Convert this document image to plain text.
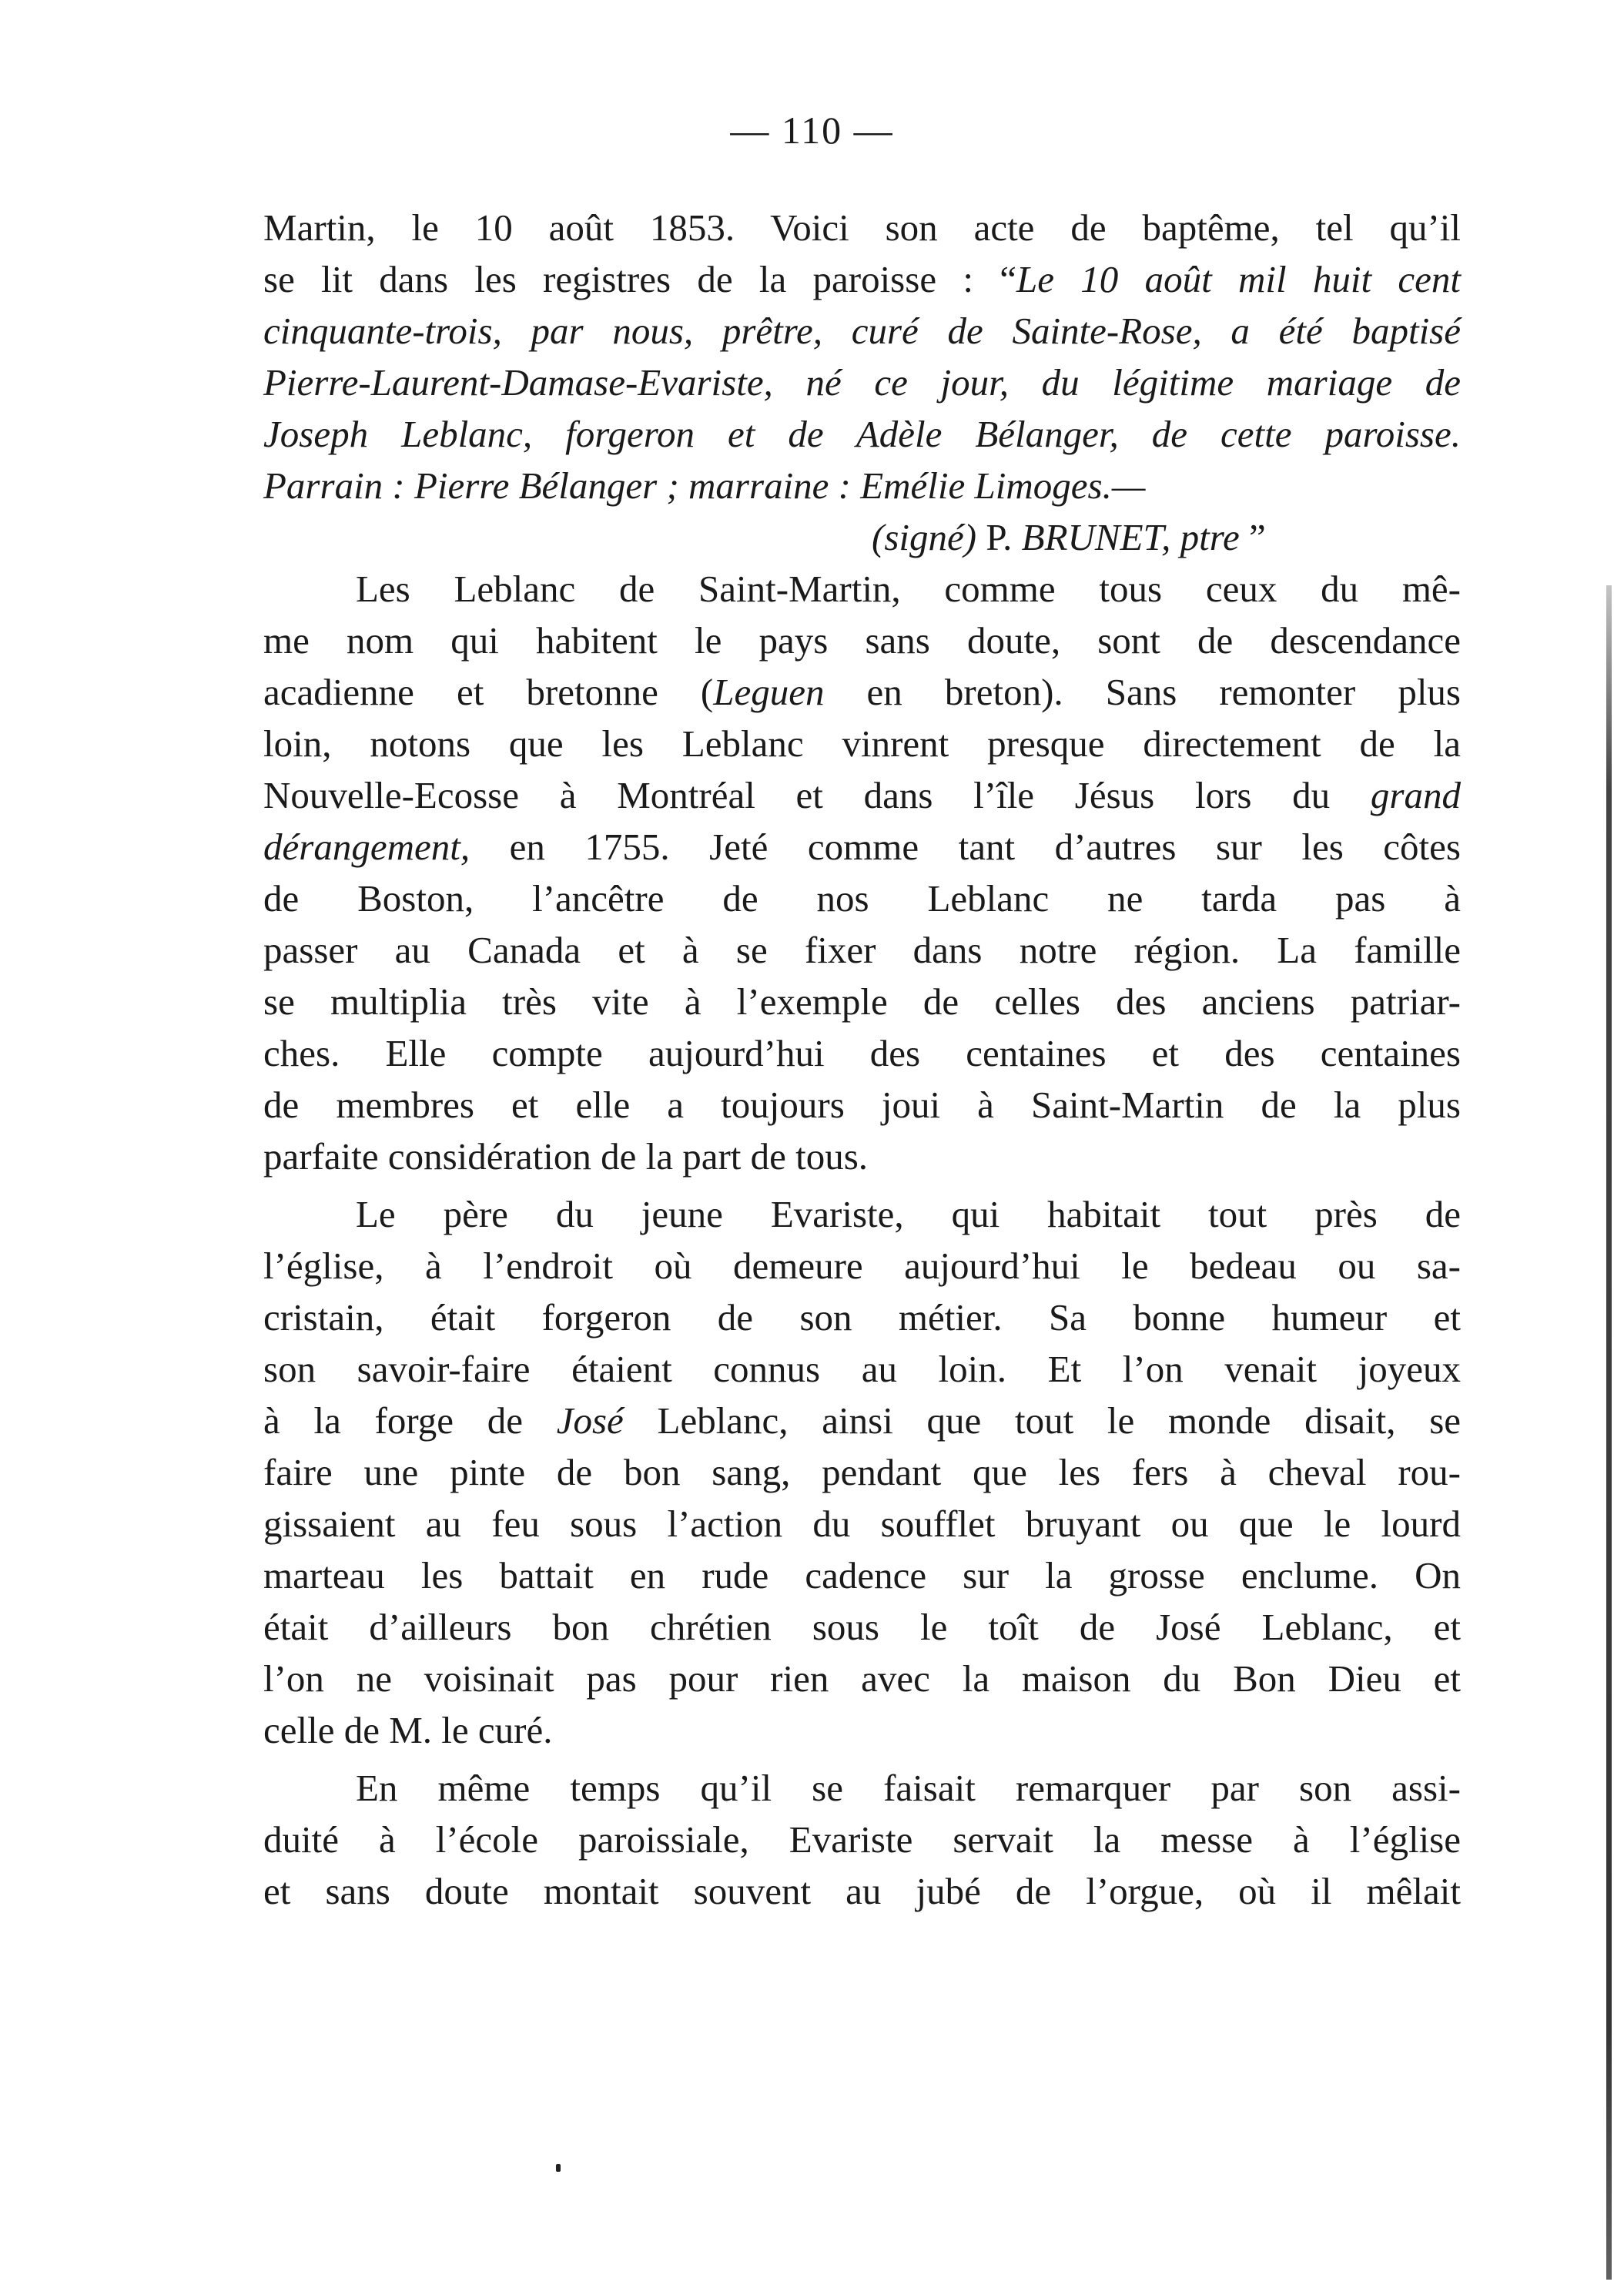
— 110 —
Martin, le 10 août 1853. Voici son acte de baptême, tel qu’il
se lit dans les registres de la paroisse : “Le 10 août mil huit cent
cinquante-trois, par nous, prêtre, curé de Sainte-Rose, a été baptisé
Pierre-Laurent-Damase-Evariste, né ce jour, du légitime mariage de
Joseph Leblanc, forgeron et de Adèle Bélanger, de cette paroisse.
Parrain : Pierre Bélanger ; marraine : Emélie Limoges.—
(signé) P. BRUNET, ptre ”
Les Leblanc de Saint-Martin, comme tous ceux du mê-
me nom qui habitent le pays sans doute, sont de descendance
acadienne et bretonne (Leguen en breton). Sans remonter plus
loin, notons que les Leblanc vinrent presque directement de la
Nouvelle-Ecosse à Montréal et dans l’île Jésus lors du grand
dérangement, en 1755. Jeté comme tant d’autres sur les côtes
de Boston, l’ancêtre de nos Leblanc ne tarda pas à
passer au Canada et à se fixer dans notre région. La famille
se multiplia très vite à l’exemple de celles des anciens patriar-
ches. Elle compte aujourd’hui des centaines et des centaines
de membres et elle a toujours joui à Saint-Martin de la plus
parfaite considération de la part de tous.
Le père du jeune Evariste, qui habitait tout près de
l’église, à l’endroit où demeure aujourd’hui le bedeau ou sa-
cristain, était forgeron de son métier. Sa bonne humeur et
son savoir-faire étaient connus au loin. Et l’on venait joyeux
à la forge de José Leblanc, ainsi que tout le monde disait, se
faire une pinte de bon sang, pendant que les fers à cheval rou-
gissaient au feu sous l’action du soufflet bruyant ou que le lourd
marteau les battait en rude cadence sur la grosse enclume. On
était d’ailleurs bon chrétien sous le toît de José Leblanc, et
l’on ne voisinait pas pour rien avec la maison du Bon Dieu et
celle de M. le curé.
En même temps qu’il se faisait remarquer par son assi-
duité à l’école paroissiale, Evariste servait la messe à l’église
et sans doute montait souvent au jubé de l’orgue, où il mêlait
